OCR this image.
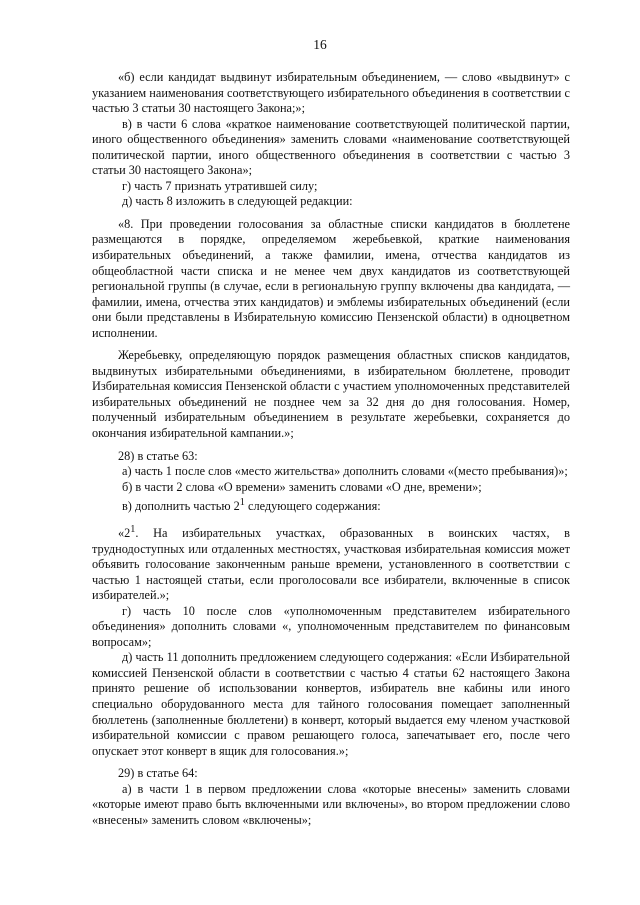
16

«б) если кандидат выдвинут избирательным объединением, — слово «выдвинут» с указанием наименования соответствующего избирательного объединения в соответствии с частью 3 статьи 30 настоящего Закона;»;

в) в части 6 слова «краткое наименование соответствующей политической партии, иного общественного объединения» заменить словами «наименование соответствующей политической партии, иного общественного объединения в соответствии с частью 3 статьи 30 настоящего Закона»;

г) часть 7 признать утратившей силу;

д) часть 8 изложить в следующей редакции:

«8. При проведении голосования за областные списки кандидатов в бюллетене размещаются в порядке, определяемом жеребьевкой, краткие наименования избирательных объединений, а также фамилии, имена, отчества кандидатов из общеобластной части списка и не менее чем двух кандидатов из соответствующей региональной группы (в случае, если в региональную группу включены два кандидата, — фамилии, имена, отчества этих кандидатов) и эмблемы избирательных объединений (если они были представлены в Избирательную комиссию Пензенской области) в одноцветном исполнении.

Жеребьевку, определяющую порядок размещения областных списков кандидатов, выдвинутых избирательными объединениями, в избирательном бюллетене, проводит Избирательная комиссия Пензенской области с участием уполномоченных представителей избирательных объединений не позднее чем за 32 дня до дня голосования. Номер, полученный избирательным объединением в результате жеребьевки, сохраняется до окончания избирательной кампании.»;

28) в статье 63:

а) часть 1 после слов «место жительства» дополнить словами «(место пребывания)»;

б) в части 2 слова «О времени» заменить словами «О дне, времени»;

в) дополнить частью $2^1$ следующего содержания:

«$2^1$. На избирательных участках, образованных в воинских частях, в труднодоступных или отдаленных местностях, участковая избирательная комиссия может объявить голосование законченным раньше времени, установленного в соответствии с частью 1 настоящей статьи, если проголосовали все избиратели, включенные в список избирателей.»;

г) часть 10 после слов «уполномоченным представителем избирательного объединения» дополнить словами «, уполномоченным представителем по финансовым вопросам»;

д) часть 11 дополнить предложением следующего содержания: «Если Избирательной комиссией Пензенской области в соответствии с частью 4 статьи 62 настоящего Закона принято решение об использовании конвертов, избиратель вне кабины или иного специально оборудованного места для тайного голосования помещает заполненный бюллетень (заполненные бюллетени) в конверт, который выдается ему членом участковой избирательной комиссии с правом решающего голоса, запечатывает его, после чего опускает этот конверт в ящик для голосования.»;

29) в статье 64:

а) в части 1 в первом предложении слова «которые внесены» заменить словами «которые имеют право быть включенными или включены», во втором предложении слово «внесены» заменить словом «включены»;
